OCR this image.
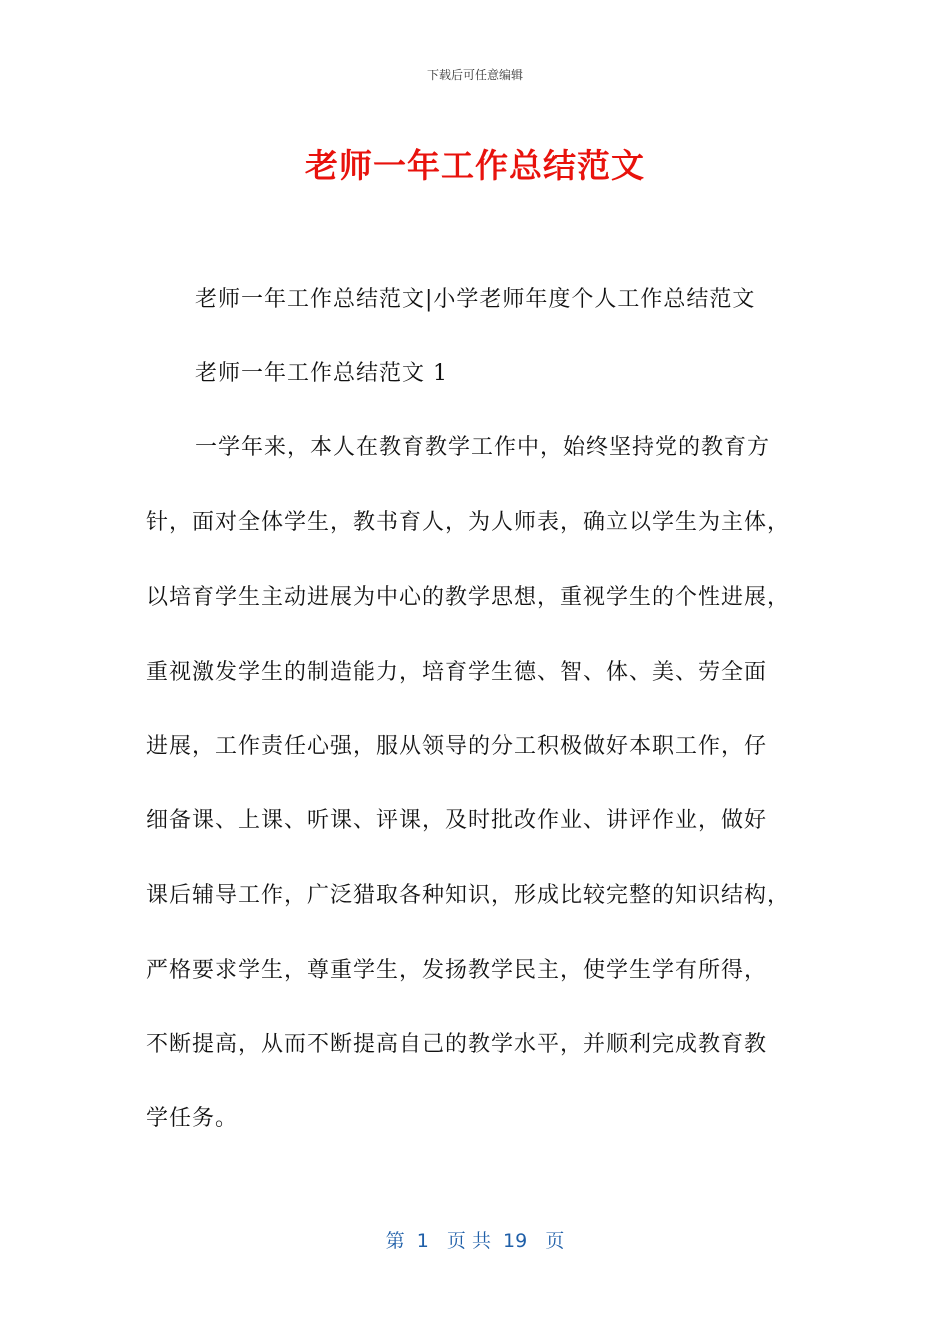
下载后可任意编辑
老师一年工作总结范文
老师一年工作总结范文|小学老师年度个人工作总结范文
老师一年工作总结范文 1
一学年来，本人在教育教学工作中，始终坚持党的教育方
针，面对全体学生，教书育人，为人师表，确立以学生为主体，
以培育学生主动进展为中心的教学思想，重视学生的个性进展，
重视激发学生的制造能力，培育学生德、智、体、美、劳全面
进展，工作责任心强，服从领导的分工积极做好本职工作，仔
细备课、上课、听课、评课，及时批改作业、讲评作业，做好
课后辅导工作，广泛猎取各种知识，形成比较完整的知识结构，
严格要求学生，尊重学生，发扬教学民主，使学生学有所得，
不断提高，从而不断提高自己的教学水平，并顺利完成教育教
学任务。
第  1   页 共  19   页
